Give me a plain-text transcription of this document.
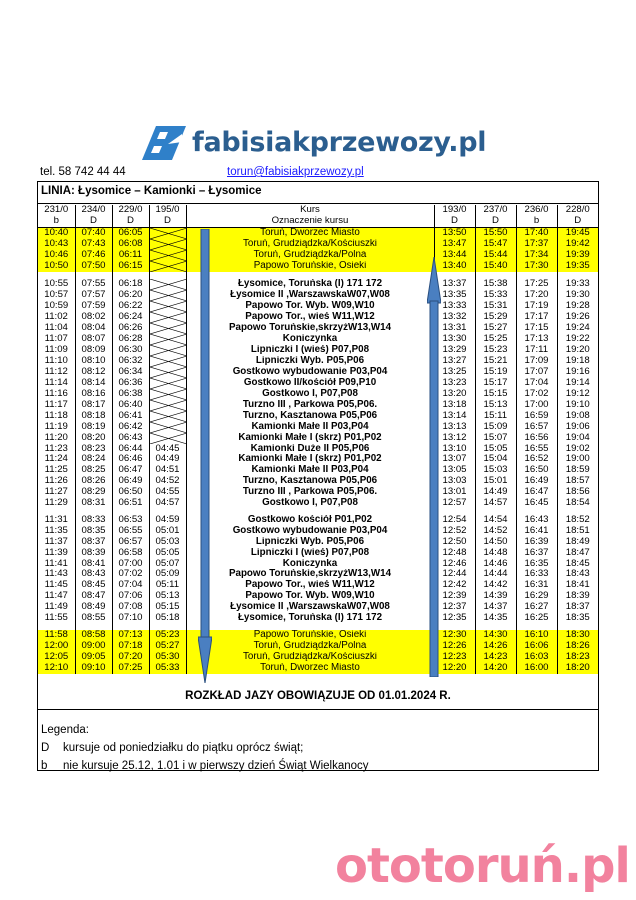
fabisiakprzewozy.pl
tel. 58 742 44 44	torun@fabisiakprzewozy.pl
LINIA: Łysomice – Kamionki – Łysomice
231/0	234/0	229/0	195/0	Kurs	193/0	237/0	236/0	228/0
b	D	D	D	Oznaczenie kursu	D	D	b	D
10:40	07:40	06:05		Toruń, Dworzec Miasto	13:50	15:50	17:40	19:45
10:43	07:43	06:08		Toruń, Grudziądzka/Kościuszki	13:47	15:47	17:37	19:42
10:46	07:46	06:11		Toruń, Grudziądzka/Polna	13:44	15:44	17:34	19:39
10:50	07:50	06:15		Papowo Toruńskie, Osieki	13:40	15:40	17:30	19:35

10:55	07:55	06:18		Łysomice, Toruńska (I) 171 172	13:37	15:38	17:25	19:33
10:57	07:57	06:20		Łysomice II ,WarszawskaW07,W08	13:35	15:33	17:20	19:30
10:59	07:59	06:22		Papowo Tor. Wyb. W09,W10	13:33	15:31	17:19	19:28
11:02	08:02	06:24		Papowo Tor., wieś W11,W12	13:32	15:29	17:17	19:26
11:04	08:04	06:26		Papowo Toruńskie,skrzyżW13,W14	13:31	15:27	17:15	19:24
11:07	08:07	06:28		Koniczynka	13:30	15:25	17:13	19:22
11:09	08:09	06:30		Lipniczki I (wieś) P07,P08	13:29	15:23	17:11	19:20
11:10	08:10	06:32		Lipniczki Wyb. P05,P06	13:27	15:21	17:09	19:18
11:12	08:12	06:34		Gostkowo wybudowanie P03,P04	13:25	15:19	17:07	19:16
11:14	08:14	06:36		Gostkowo II/kościół P09,P10	13:23	15:17	17:04	19:14
11:16	08:16	06:38		Gostkowo I, P07,P08	13:20	15:15	17:02	19:12
11:17	08:17	06:40		Turzno III , Parkowa P05,P06.	13:18	15:13	17:00	19:10
11:18	08:18	06:41		Turzno, Kasztanowa P05,P06	13:14	15:11	16:59	19:08
11:19	08:19	06:42		Kamionki Małe II P03,P04	13:13	15:09	16:57	19:06
11:20	08:20	06:43		Kamionki Małe I (skrz) P01,P02	13:12	15:07	16:56	19:04
11:23	08:23	06:44	04:45	Kamionki Duże II P05,P06	13:10	15:05	16:55	19:02
11:24	08:24	06:46	04:49	Kamionki Małe I (skrz) P01,P02	13:07	15:04	16:52	19:00
11:25	08:25	06:47	04:51	Kamionki Małe II P03,P04	13:05	15:03	16:50	18:59
11:26	08:26	06:49	04:52	Turzno, Kasztanowa P05,P06	13:03	15:01	16:49	18:57
11:27	08:29	06:50	04:55	Turzno III , Parkowa P05,P06.	13:01	14:49	16:47	18:56
11:29	08:31	06:51	04:57	Gostkowo I, P07,P08	12:57	14:57	16:45	18:54

11:31	08:33	06:53	04:59	Gostkowo kościół P01,P02	12:54	14:54	16:43	18:52
11:35	08:35	06:55	05:01	Gostkowo wybudowanie P03,P04	12:52	14:52	16:41	18:51
11:37	08:37	06:57	05:03	Lipniczki Wyb. P05,P06	12:50	14:50	16:39	18:49
11:39	08:39	06:58	05:05	Lipniczki I (wieś) P07,P08	12:48	14:48	16:37	18:47
11:41	08:41	07:00	05:07	Koniczynka	12:46	14:46	16:35	18:45
11:43	08:43	07:02	05:09	Papowo Toruńskie,skrzyżW13,W14	12:44	14:44	16:33	18:43
11:45	08:45	07:04	05:11	Papowo Tor., wieś W11,W12	12:42	14:42	16:31	18:41
11:47	08:47	07:06	05:13	Papowo Tor. Wyb. W09,W10	12:39	14:39	16:29	18:39
11:49	08:49	07:08	05:15	Łysomice II ,WarszawskaW07,W08	12:37	14:37	16:27	18:37
11:55	08:55	07:10	05:18	Łysomice, Toruńska (I) 171 172	12:35	14:35	16:25	18:35

11:58	08:58	07:13	05:23	Papowo Toruńskie, Osieki	12:30	14:30	16:10	18:30
12:00	09:00	07:18	05:27	Toruń, Grudziądzka/Polna	12:26	14:26	16:06	18:26
12:05	09:05	07:20	05:30	Toruń, Grudziądzka/Kościuszki	12:23	14:23	16:03	18:23
12:10	09:10	07:25	05:33	Toruń, Dworzec Miasto	12:20	14:20	16:00	18:20
ROZKŁAD JAZY OBOWIĄZUJE OD 01.01.2024 R.
Legenda:
D kursuje od poniedziałku do piątku oprócz świąt;
b nie kursuje 25.12, 1.01 i w pierwszy dzień Świąt Wielkanocy
ototoruń.pl
